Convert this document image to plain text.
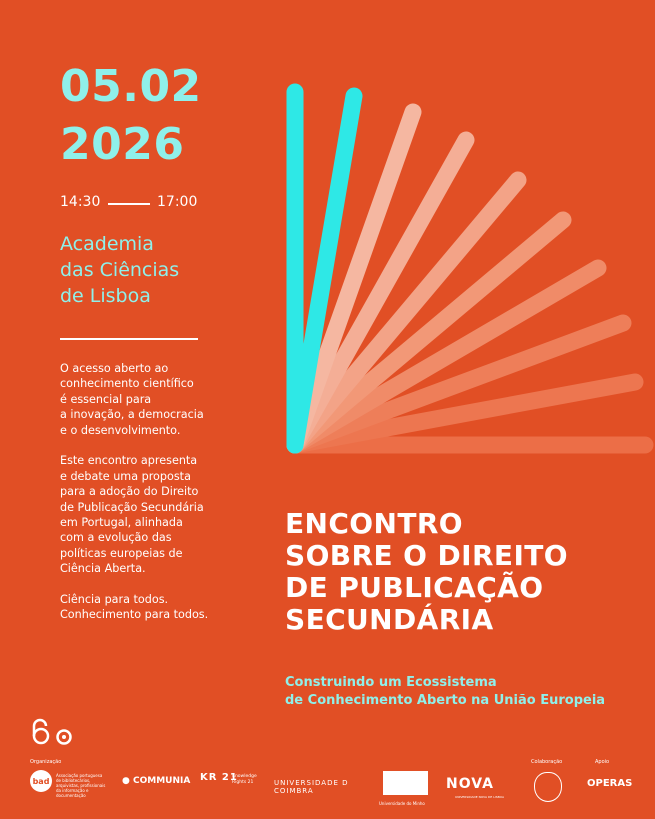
05.02
2026
14:30	17:00
Academia
das Ciências
de Lisboa

O acesso aberto ao
conhecimento científico
é essencial para
a inovação, a democracia
e o desenvolvimento.

Este encontro apresenta
e debate uma proposta
para a adoção do Direito
de Publicação Secundária
em Portugal, alinhada
com a evolução das
políticas europeias de
Ciência Aberta.

Ciência para todos.
Conhecimento para todos.

ENCONTRO
SOBRE O DIREITO
DE PUBLICAÇÃO
SECUNDÁRIA
Construindo um Ecossistema
de Conhecimento Aberto na União Europeia
Organização	Colaboração	Apoio
bad
Associação portuguesa de bibliotecários, arquivistas, profissionais da informação e documentação
● COMMUNIA KR 21
Knowledge Rights 21	UNIVERSIDADE D COIMBRA
Universidade do Minho
NOVA
UNIVERSIDADE NOVA DE LISBOA
OPERAS
